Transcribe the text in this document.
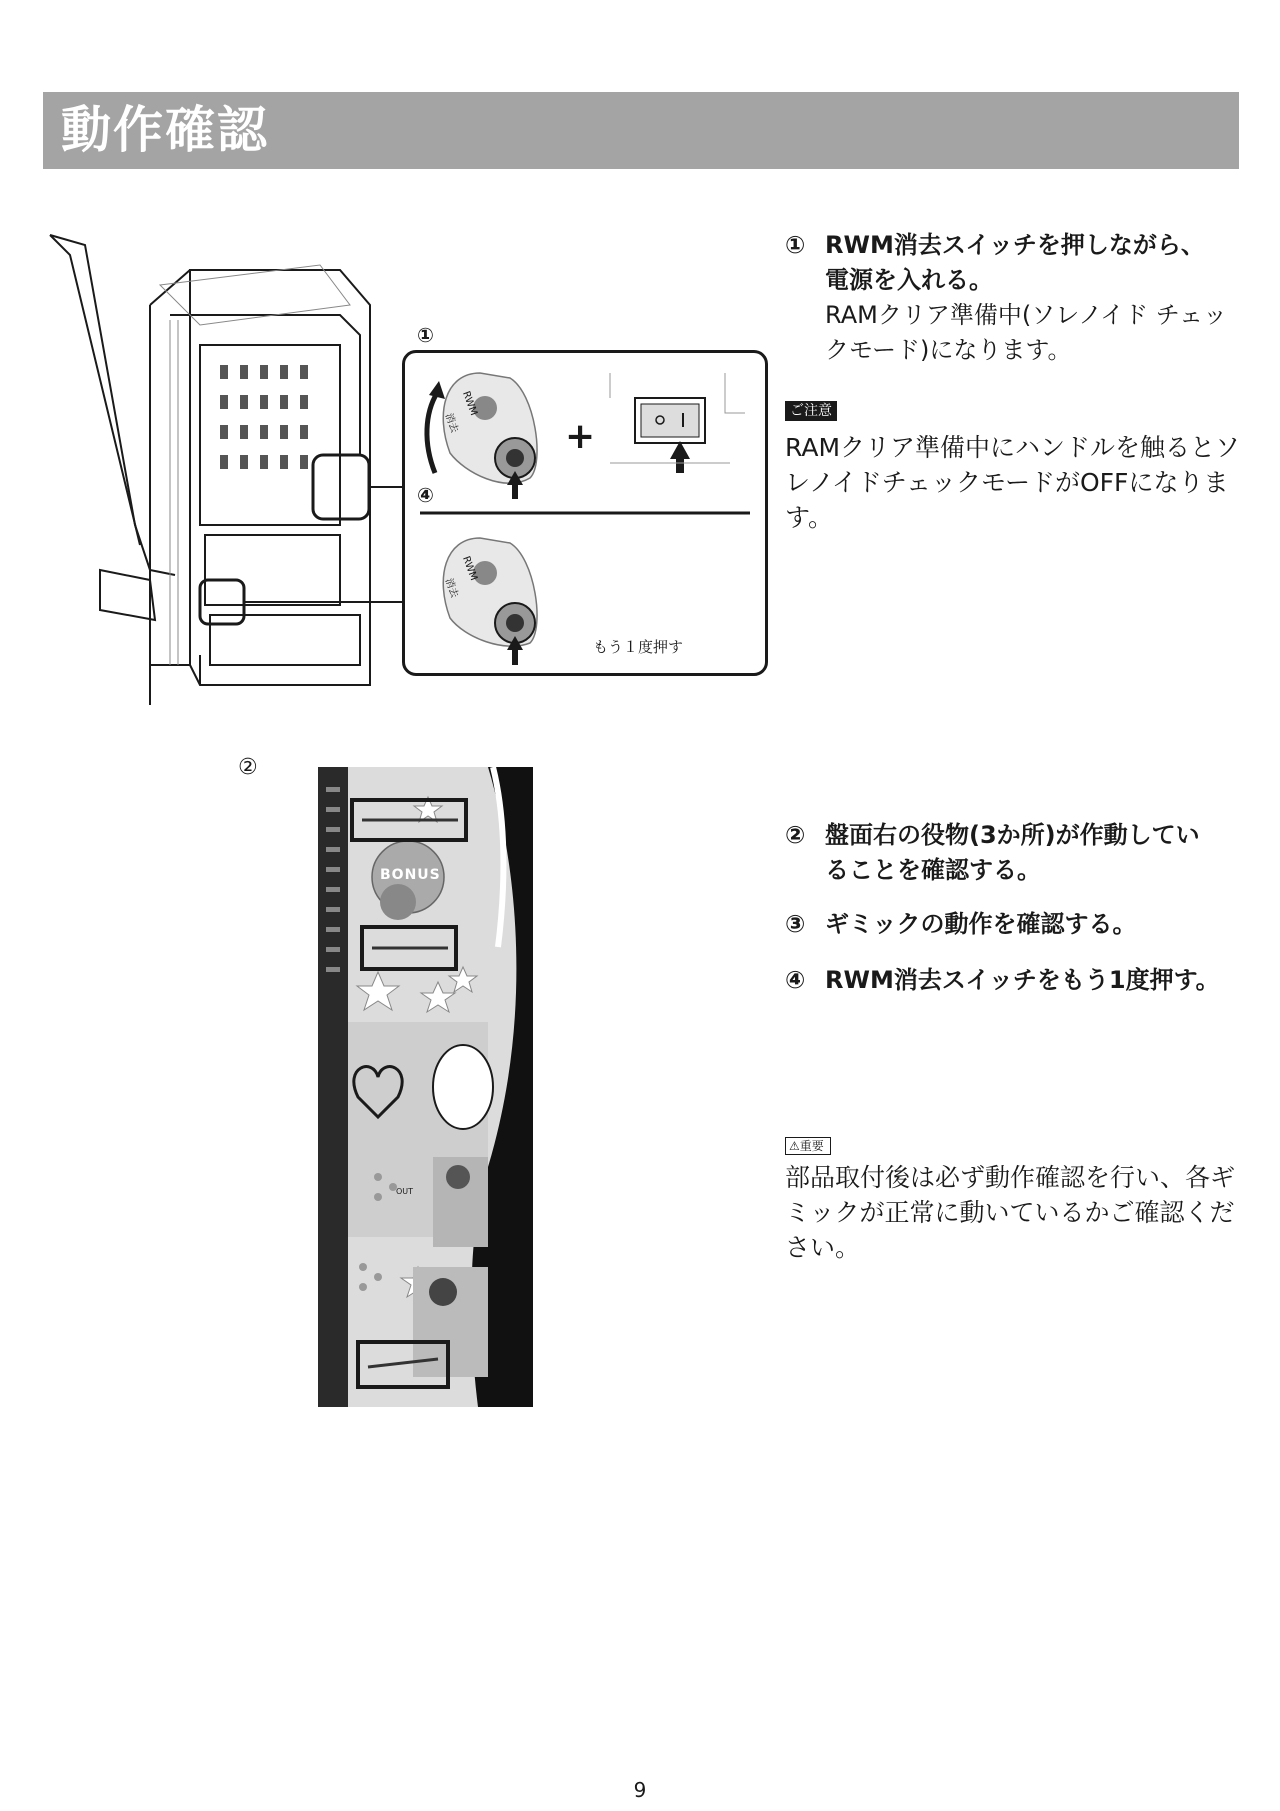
動作確認
+
①
④
RWM
RWM
消去
消去
もう１度押す
① RWM消去スイッチを押しながら、
電源を入れる。
RAMクリア準備中(ソレノイド チェックモード)になります。
ご注意
RAMクリア準備中にハンドルを触るとソレノイドチェックモードがOFFになります。
②
BONUS
OUT
② 盤面右の役物(3か所)が作動してい
ることを確認する。
③ ギミックの動作を確認する。
④ RWM消去スイッチをもう1度押す。
⚠重要
部品取付後は必ず動作確認を行い、各ギミックが正常に動いているかご確認ください。
9
